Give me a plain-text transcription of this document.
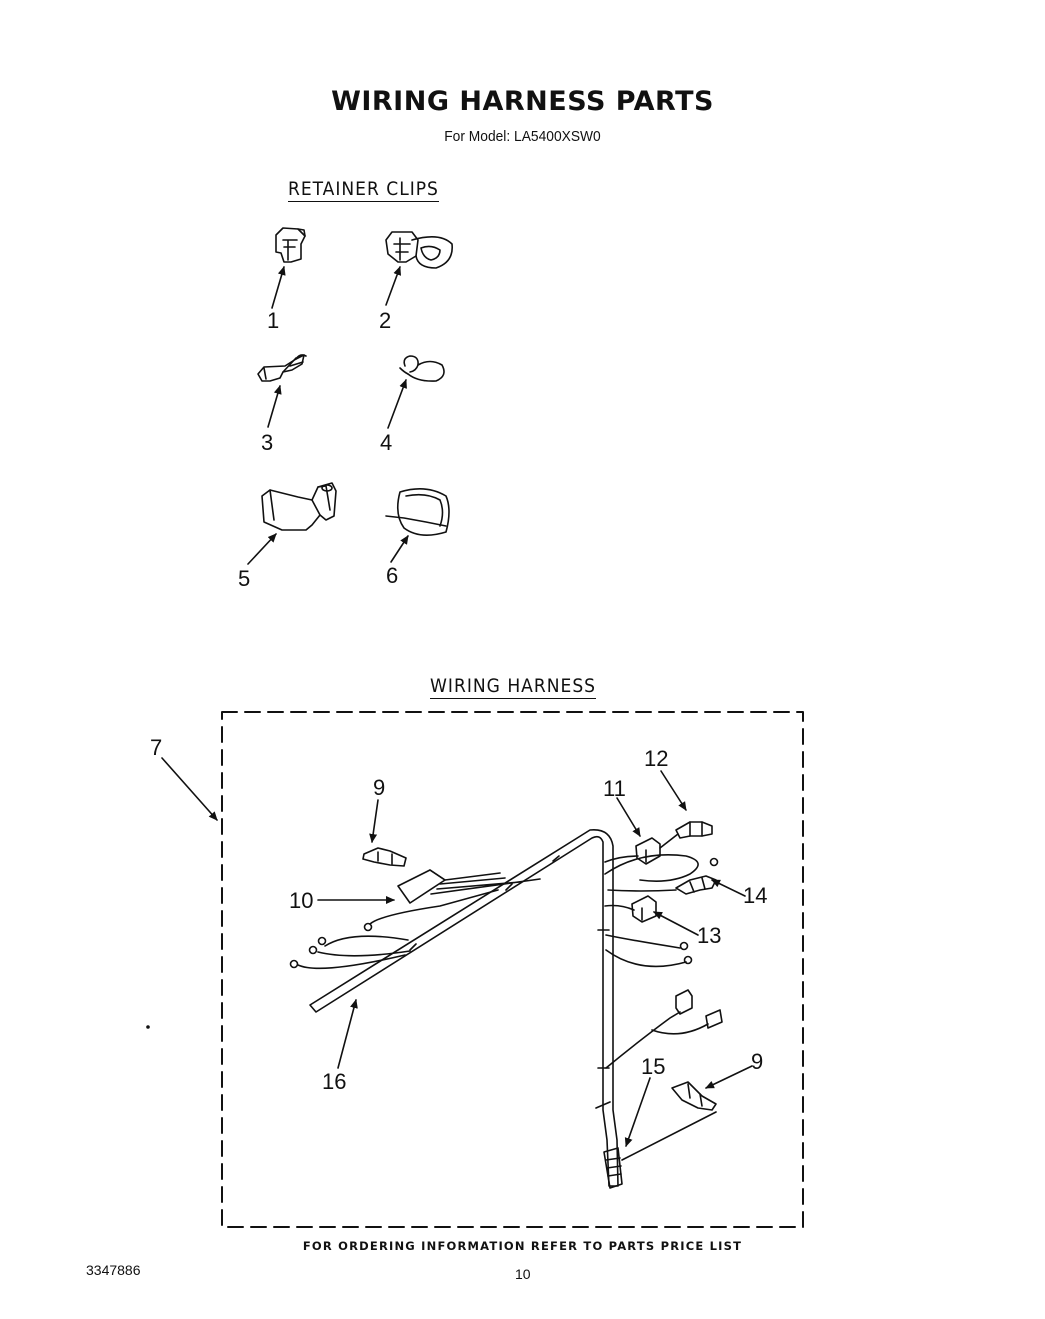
WIRING HARNESS PARTS
For Model: LA5400XSW0
RETAINER CLIPS
WIRING HARNESS
1	2
3	4
5	6
7
9
10
11
12
14
13
16
15	9
FOR ORDERING INFORMATION REFER TO PARTS PRICE LIST
3347886	10
